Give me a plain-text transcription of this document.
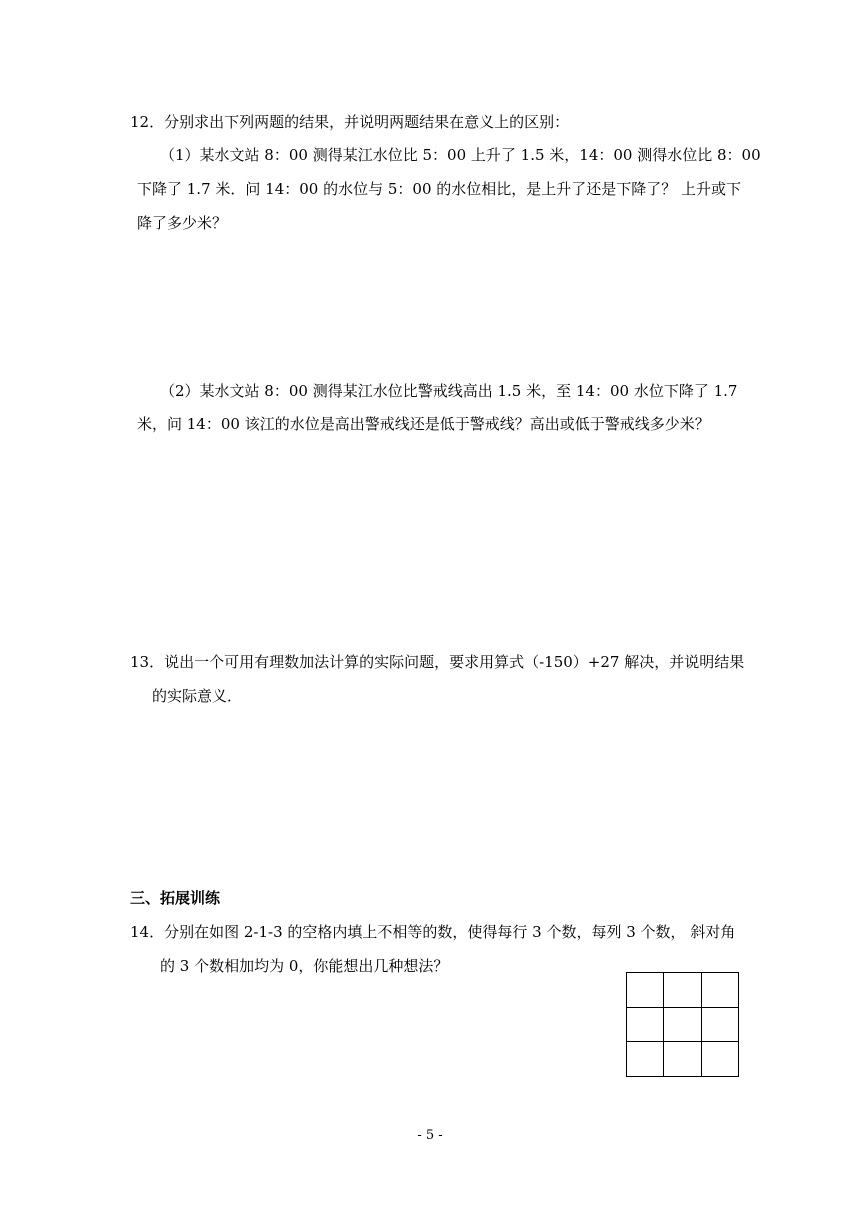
12．分别求出下列两题的结果，并说明两题结果在意义上的区别：
（1）某水文站 8：00 测得某江水位比 5：00 上升了 1.5 米，14：00 测得水位比 8：00
下降了 1.7 米．问 14：00 的水位与 5：00 的水位相比，是上升了还是下降了？ 上升或下
降了多少米？
（2）某水文站 8：00 测得某江水位比警戒线高出 1.5 米，至 14：00 水位下降了 1.7
米，问 14：00 该江的水位是高出警戒线还是低于警戒线？高出或低于警戒线多少米？
13．说出一个可用有理数加法计算的实际问题，要求用算式（-150）+27 解决，并说明结果
的实际意义．
三、拓展训练
14．分别在如图 2-1-3 的空格内填上不相等的数，使得每行 3 个数，每列 3 个数， 斜对角
的 3 个数相加均为 0，你能想出几种想法？
- 5 -
